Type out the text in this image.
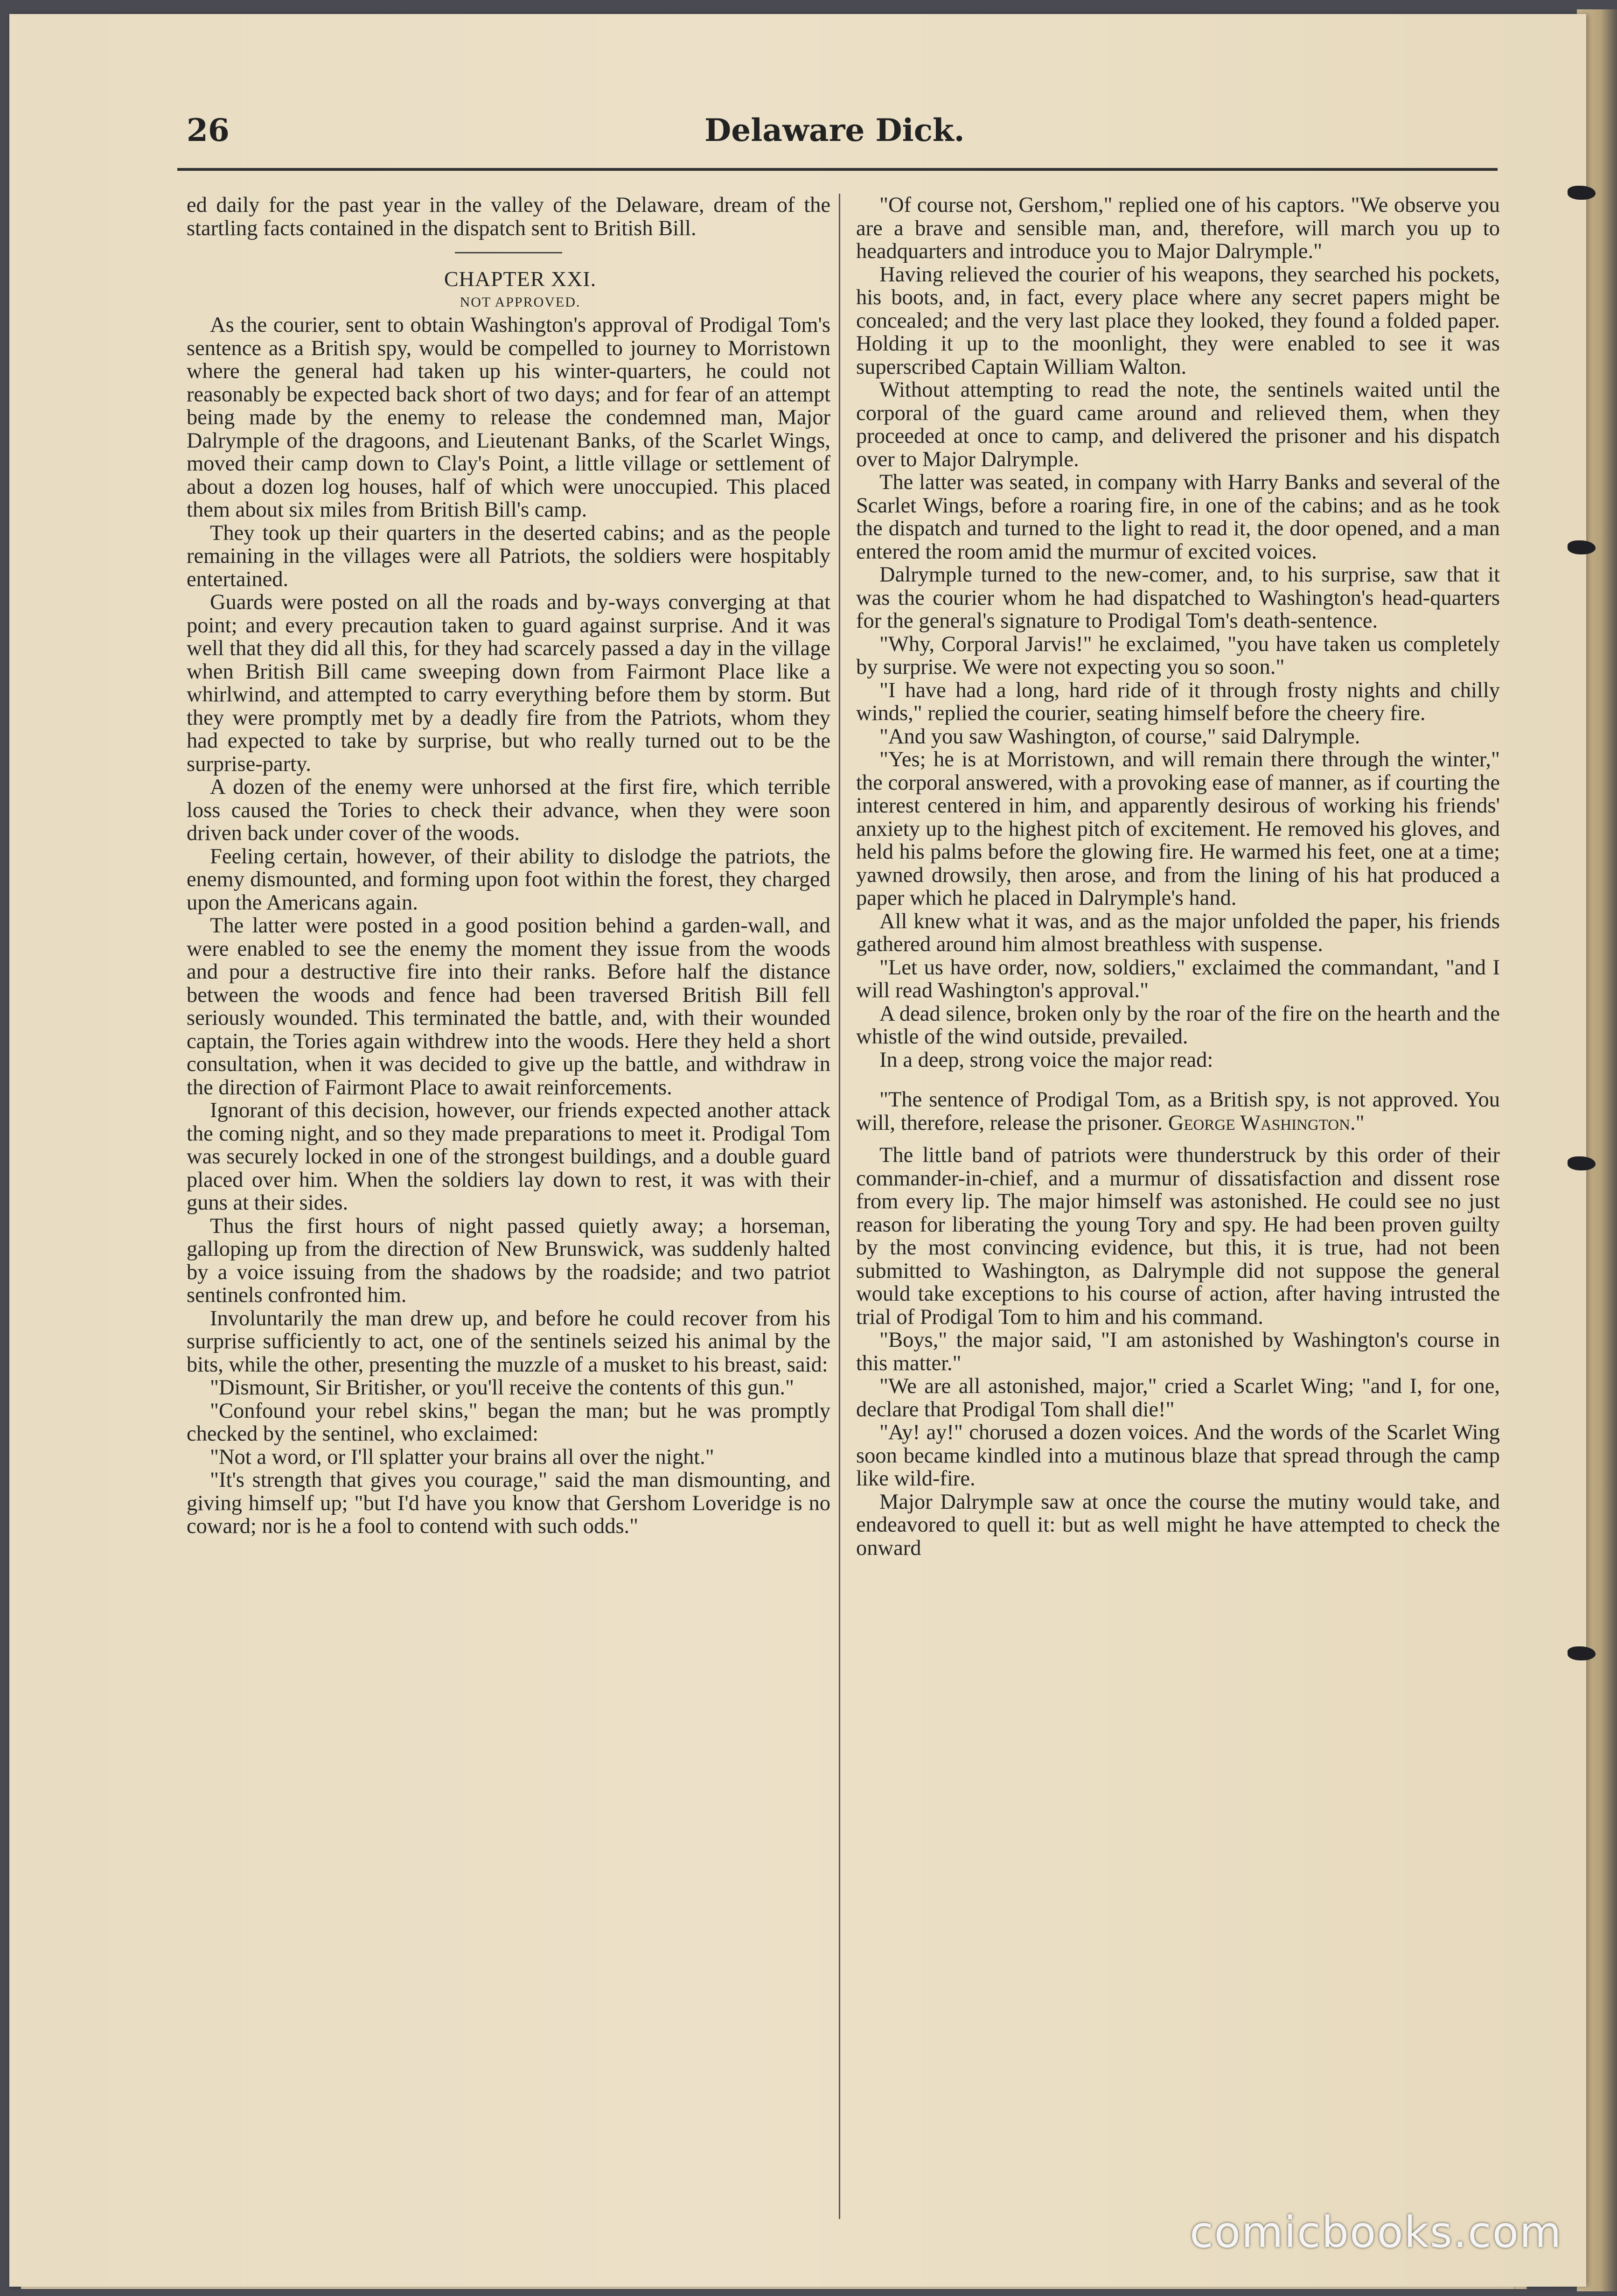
26	Delaware Dick.

ed daily for the past year in the valley of the Delaware, dream of the startling facts contained in the dispatch sent to British Bill.

CHAPTER XXI.

NOT APPROVED.

As the courier, sent to obtain Washington's approval of Prodigal Tom's sentence as a British spy, would be compelled to journey to Morristown where the general had taken up his winter-quarters, he could not reasonably be expected back short of two days; and for fear of an attempt being made by the enemy to release the condemned man, Major Dalrymple of the dragoons, and Lieutenant Banks, of the Scarlet Wings, moved their camp down to Clay's Point, a little village or settlement of about a dozen log houses, half of which were unoccupied. This placed them about six miles from British Bill's camp.

They took up their quarters in the deserted cabins; and as the people remaining in the villages were all Patriots, the soldiers were hospitably entertained.

Guards were posted on all the roads and by-ways converging at that point; and every precaution taken to guard against surprise. And it was well that they did all this, for they had scarcely passed a day in the village when British Bill came sweeping down from Fairmont Place like a whirlwind, and attempted to carry everything before them by storm. But they were promptly met by a deadly fire from the Patriots, whom they had expected to take by surprise, but who really turned out to be the surprise-party.

A dozen of the enemy were unhorsed at the first fire, which terrible loss caused the Tories to check their advance, when they were soon driven back under cover of the woods.

Feeling certain, however, of their ability to dislodge the patriots, the enemy dismounted, and forming upon foot within the forest, they charged upon the Americans again.

The latter were posted in a good position behind a garden-wall, and were enabled to see the enemy the moment they issue from the woods and pour a destructive fire into their ranks. Before half the distance between the woods and fence had been traversed British Bill fell seriously wounded. This terminated the battle, and, with their wounded captain, the Tories again withdrew into the woods. Here they held a short consultation, when it was decided to give up the battle, and withdraw in the direction of Fairmont Place to await reinforcements.

Ignorant of this decision, however, our friends expected another attack the coming night, and so they made preparations to meet it. Prodigal Tom was securely locked in one of the strongest buildings, and a double guard placed over him. When the soldiers lay down to rest, it was with their guns at their sides.

Thus the first hours of night passed quietly away; a horseman, galloping up from the direction of New Brunswick, was suddenly halted by a voice issuing from the shadows by the roadside; and two patriot sentinels confronted him.

Involuntarily the man drew up, and before he could recover from his surprise sufficiently to act, one of the sentinels seized his animal by the bits, while the other, presenting the muzzle of a musket to his breast, said:

"Dismount, Sir Britisher, or you'll receive the contents of this gun."

"Confound your rebel skins," began the man; but he was promptly checked by the sentinel, who exclaimed:

"Not a word, or I'll splatter your brains all over the night."

"It's strength that gives you courage," said the man dismounting, and giving himself up; "but I'd have you know that Gershom Loveridge is no coward; nor is he a fool to contend with such odds."

"Of course not, Gershom," replied one of his captors. "We observe you are a brave and sensible man, and, therefore, will march you up to headquarters and introduce you to Major Dalrymple."

Having relieved the courier of his weapons, they searched his pockets, his boots, and, in fact, every place where any secret papers might be concealed; and the very last place they looked, they found a folded paper. Holding it up to the moonlight, they were enabled to see it was superscribed Captain William Walton.

Without attempting to read the note, the sentinels waited until the corporal of the guard came around and relieved them, when they proceeded at once to camp, and delivered the prisoner and his dispatch over to Major Dalrymple.

The latter was seated, in company with Harry Banks and several of the Scarlet Wings, before a roaring fire, in one of the cabins; and as he took the dispatch and turned to the light to read it, the door opened, and a man entered the room amid the murmur of excited voices.

Dalrymple turned to the new-comer, and, to his surprise, saw that it was the courier whom he had dispatched to Washington's head-quarters for the general's signature to Prodigal Tom's death-sentence.

"Why, Corporal Jarvis!" he exclaimed, "you have taken us completely by surprise. We were not expecting you so soon."

"I have had a long, hard ride of it through frosty nights and chilly winds," replied the courier, seating himself before the cheery fire.

"And you saw Washington, of course," said Dalrymple.

"Yes; he is at Morristown, and will remain there through the winter," the corporal answered, with a provoking ease of manner, as if courting the interest centered in him, and apparently desirous of working his friends' anxiety up to the highest pitch of excitement. He removed his gloves, and held his palms before the glowing fire. He warmed his feet, one at a time; yawned drowsily, then arose, and from the lining of his hat produced a paper which he placed in Dalrymple's hand.

All knew what it was, and as the major unfolded the paper, his friends gathered around him almost breathless with suspense.

"Let us have order, now, soldiers," exclaimed the commandant, "and I will read Washington's approval."

A dead silence, broken only by the roar of the fire on the hearth and the whistle of the wind outside, prevailed.

In a deep, strong voice the major read:

"The sentence of Prodigal Tom, as a British spy, is not approved. You will, therefore, release the prisoner. George Washington."

The little band of patriots were thunderstruck by this order of their commander-in-chief, and a murmur of dissatisfaction and dissent rose from every lip. The major himself was astonished. He could see no just reason for liberating the young Tory and spy. He had been proven guilty by the most convincing evidence, but this, it is true, had not been submitted to Washington, as Dalrymple did not suppose the general would take exceptions to his course of action, after having intrusted the trial of Prodigal Tom to him and his command.

"Boys," the major said, "I am astonished by Washington's course in this matter."

"We are all astonished, major," cried a Scarlet Wing; "and I, for one, declare that Prodigal Tom shall die!"

"Ay! ay!" chorused a dozen voices. And the words of the Scarlet Wing soon became kindled into a mutinous blaze that spread through the camp like wild-fire.

Major Dalrymple saw at once the course the mutiny would take, and endeavored to quell it: but as well might he have attempted to check the onward

comicbooks.com
